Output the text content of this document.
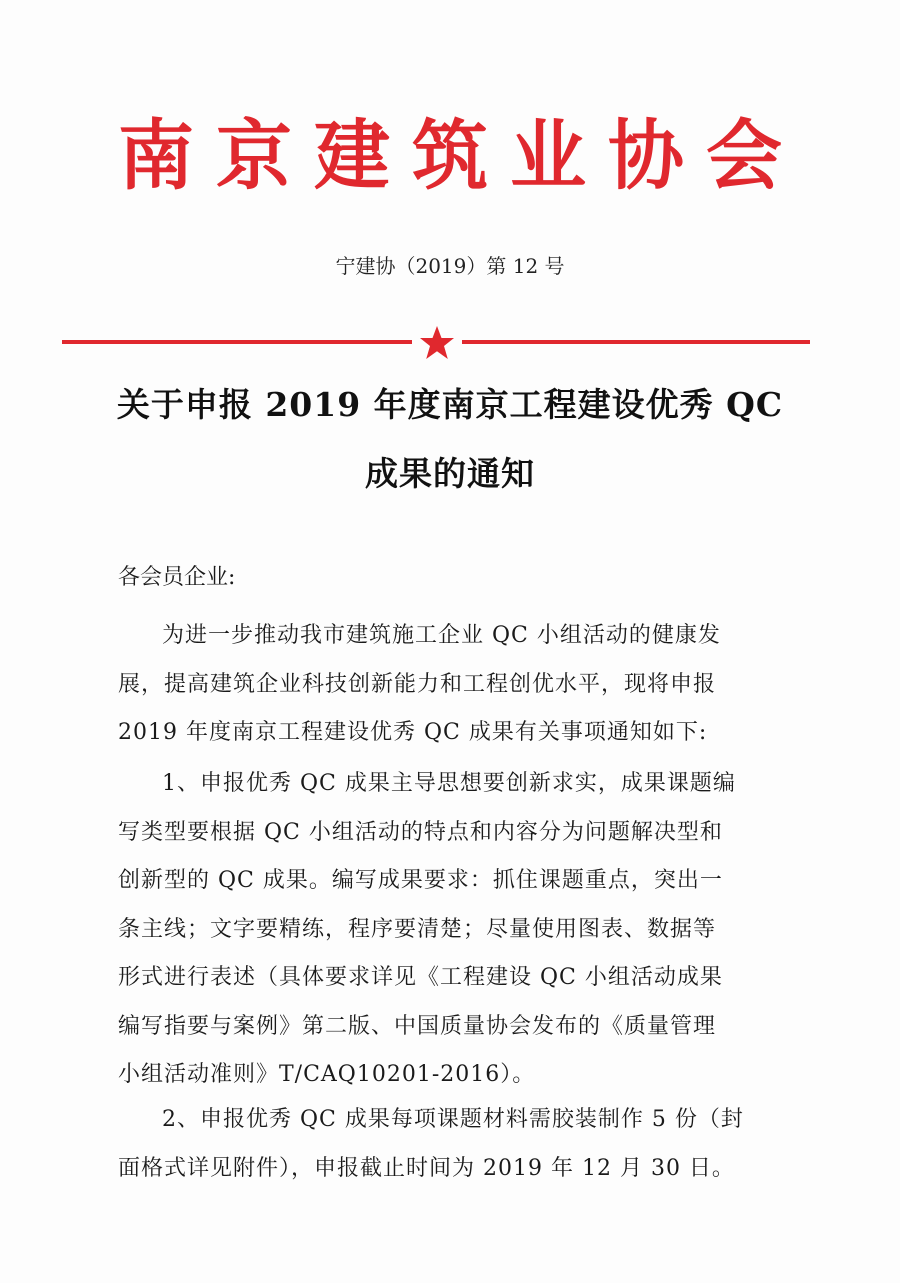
南京建筑业协会
宁建协（2019）第 12 号
关于申报 2019 年度南京工程建设优秀 QC
成果的通知
各会员企业:
为进一步推动我市建筑施工企业 QC 小组活动的健康发
展，提高建筑企业科技创新能力和工程创优水平，现将申报
2019 年度南京工程建设优秀 QC 成果有关事项通知如下:
1、申报优秀 QC 成果主导思想要创新求实，成果课题编
写类型要根据 QC 小组活动的特点和内容分为问题解决型和
创新型的 QC 成果。编写成果要求：抓住课题重点，突出一
条主线；文字要精练，程序要清楚；尽量使用图表、数据等
形式进行表述（具体要求详见《工程建设 QC 小组活动成果
编写指要与案例》第二版、中国质量协会发布的《质量管理
小组活动准则》T/CAQ10201-2016）。
2、申报优秀 QC 成果每项课题材料需胶装制作 5 份（封
面格式详见附件），申报截止时间为 2019 年 12 月 30 日。
